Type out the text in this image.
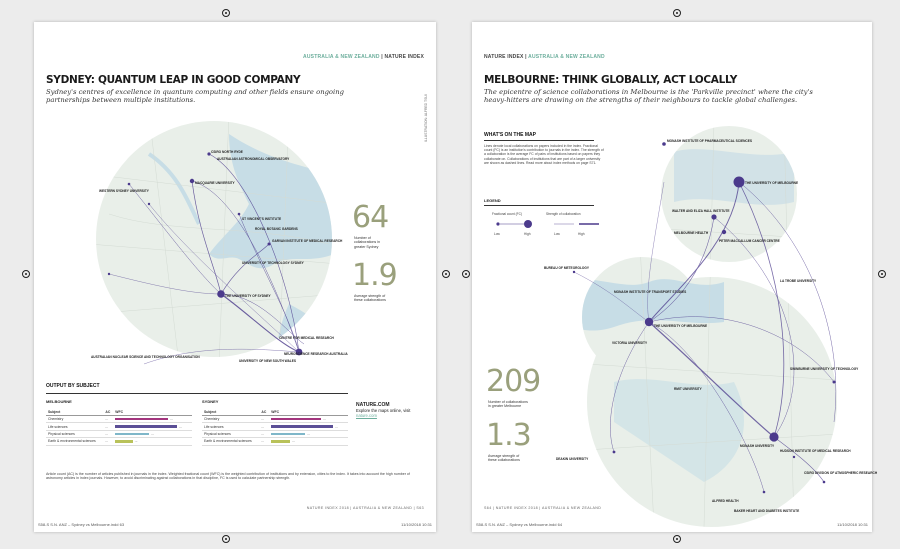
AUSTRALIA & NEW ZEALAND | NATURE INDEX
SYDNEY: QUANTUM LEAP IN GOOD COMPANY
Sydney's centres of excellence in quantum computing and other fields ensure ongoing partnerships between multiple institutions.	ILLUSTRATION: ALFRED TSUI
CSIRO NORTH RYDE
AUSTRALIAN ASTRONOMICAL OBSERVATORY
MACQUARIE UNIVERSITY
WESTERN SYDNEY UNIVERSITY
GARVAN INSTITUTE OF MEDICAL RESEARCH
UNIVERSITY OF TECHNOLOGY SYDNEY
THE UNIVERSITY OF SYDNEY
UNIVERSITY OF NEW SOUTH WALES
AUSTRALIAN NUCLEAR SCIENCE AND TECHNOLOGY ORGANISATION
ST VINCENT'S INSTITUTE
ROYAL BOTANIC GARDENS
CENTRE FOR MEDICAL RESEARCH
NEUROSCIENCE RESEARCH AUSTRALIA
64
Number of collaborations in greater Sydney
1.9
Average strength of these collaborations
OUTPUT BY SUBJECT
MELBOURNE	SYDNEY
Subject	AC	WFC
Chemistry	...	...
Life sciences	...	...
Physical sciences	...	...
Earth & environmental sciences	...	...
Subject	AC	WFC
Chemistry	...	...
Life sciences	...	...
Physical sciences	...	...
Earth & environmental sciences	...	...
NATURE.COM
Explore the maps online, visit nature.com
Article count (AC) is the number of articles published in journals in the index. Weighted fractional count (WFC) is the weighted contribution of institutions and by extension, cities to the index. It takes into account the high number of astronomy articles in index journals. However, to avoid discriminating against collaborations in that discipline, FC is used to calculate partnership strength.
NATURE INDEX 2018 | AUSTRALIA & NEW ZEALAND | S63
S58-S S.N. ANZ – Sydney vs Melbourne.indd 63	11/10/2018 10:31
NATURE INDEX | AUSTRALIA & NEW ZEALAND
MELBOURNE: THINK GLOBALLY, ACT LOCALLY
The epicentre of science collaborations in Melbourne is the 'Parkville precinct' where the city's heavy-hitters are drawing on the strengths of their neighbours to tackle global challenges.
MONASH INSTITUTE OF PHARMACEUTICAL SCIENCES
THE UNIVERSITY OF MELBOURNE
WALTER AND ELIZA HALL INSTITUTE
MELBOURNE HEALTH
PETER MACCALLUM CANCER CENTRE
LA TROBE UNIVERSITY
BUREAU OF METEOROLOGY
MONASH INSTITUTE OF TRANSPORT STUDIES
THE UNIVERSITY OF MELBOURNE
SWINBURNE UNIVERSITY OF TECHNOLOGY
DEAKIN UNIVERSITY
RMIT UNIVERSITY
MONASH UNIVERSITY
HUDSON INSTITUTE OF MEDICAL RESEARCH
CSIRO DIVISION OF ATMOSPHERIC RESEARCH
BAKER HEART AND DIABETES INSTITUTE
ALFRED HEALTH
VICTORIA UNIVERSITY
WHAT'S ON THE MAP
Lines denote local collaborations on papers included in the index. Fractional count (FC) is an institution's contribution to journals in the index. The strength of a collaboration is the average FC of pairs of institutions based on papers they collaborate on. Collaborations of institutions that are part of a larger university are shown as dashed lines. Read more about index methods on page S71.
LEGEND
Fractional count (FC)	Strength of collaboration
Low	High	Low	High
209
Number of collaborations in greater Melbourne
1.3
Average strength of these collaborations
S64 | NATURE INDEX 2018 | AUSTRALIA & NEW ZEALAND
S58-S S.N. ANZ – Sydney vs Melbourne.indd 64	11/10/2018 10:31
